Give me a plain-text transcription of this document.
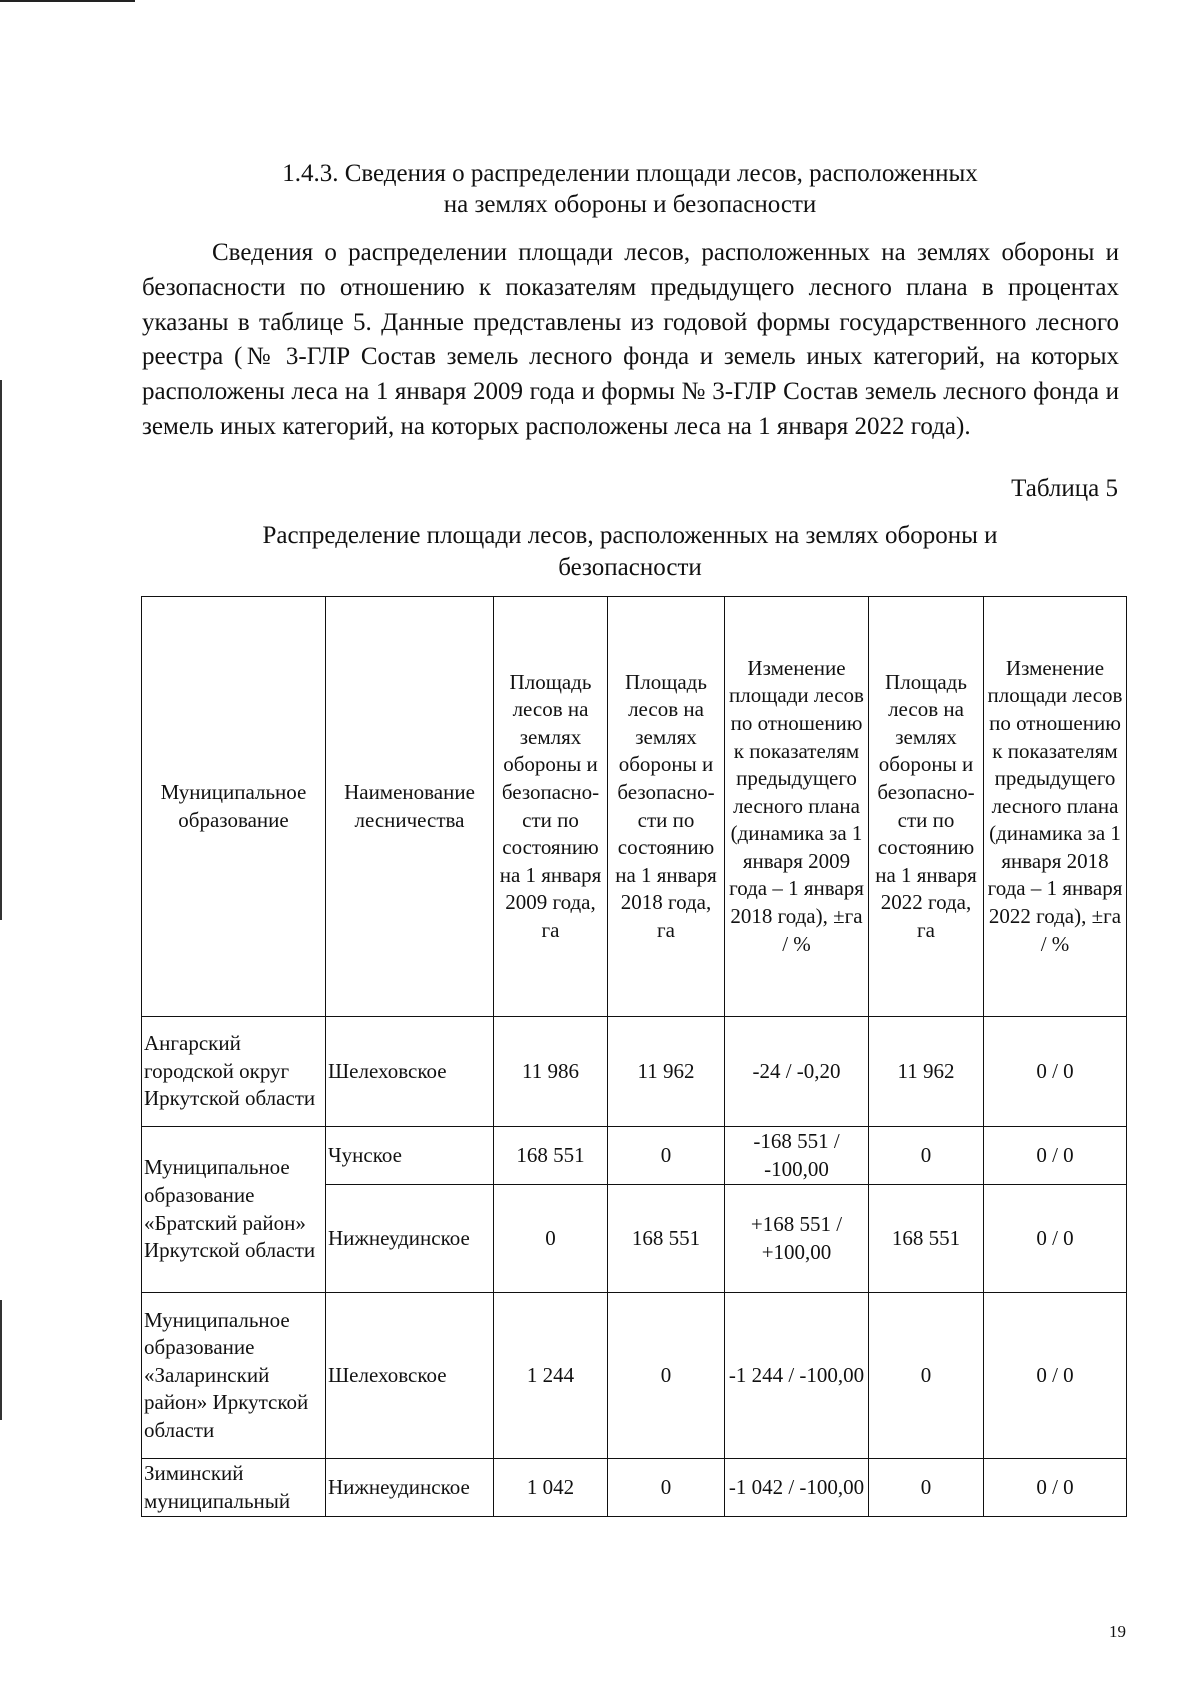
1.4.3. Сведения о распределении площади лесов, расположенных
на землях обороны и безопасности

Сведения о распределении площади лесов, расположенных на землях обороны и безопасности по отношению к показателям предыдущего лесного плана в процентах указаны в таблице 5. Данные представлены из годовой формы государственного лесного реестра (№ 3-ГЛР Состав земель лесного фонда и земель иных категорий, на которых расположены леса на 1 января 2009 года и формы № 3-ГЛР Состав земель лесного фонда и земель иных категорий, на которых расположены леса на 1 января 2022 года).

Таблица 5
Распределение площади лесов, расположенных на землях обороны и
безопасности
Муниципальное образование	Наименование лесничества	Площадь лесов на землях обороны и безопасно-сти по состоянию на 1 января 2009 года, га	Площадь лесов на землях обороны и безопасно-сти по состоянию на 1 января 2018 года, га	Изменение площади лесов по отношению к показателям предыдущего лесного плана (динамика за 1 января 2009 года – 1 января 2018 года), ±га / %	Площадь лесов на землях обороны и безопасно-сти по состоянию на 1 января 2022 года, га	Изменение площади лесов по отношению к показателям предыдущего лесного плана (динамика за 1 января 2018 года – 1 января 2022 года), ±га / %
Ангарский городской округ Иркутской области	Шелеховское	11 986	11 962	-24 / -0,20	11 962	0 / 0
Муниципальное образование «Братский район» Иркутской области	Чунское	168 551	0	-168 551 / -100,00	0	0 / 0
	Нижнеудинское	0	168 551	+168 551 / +100,00	168 551	0 / 0
Муниципальное образование «Заларинский район» Иркутской области	Шелеховское	1 244	0	-1 244 / -100,00	0	0 / 0
Зиминский муниципальный	Нижнеудинское	1 042	0	-1 042 / -100,00	0	0 / 0
19
